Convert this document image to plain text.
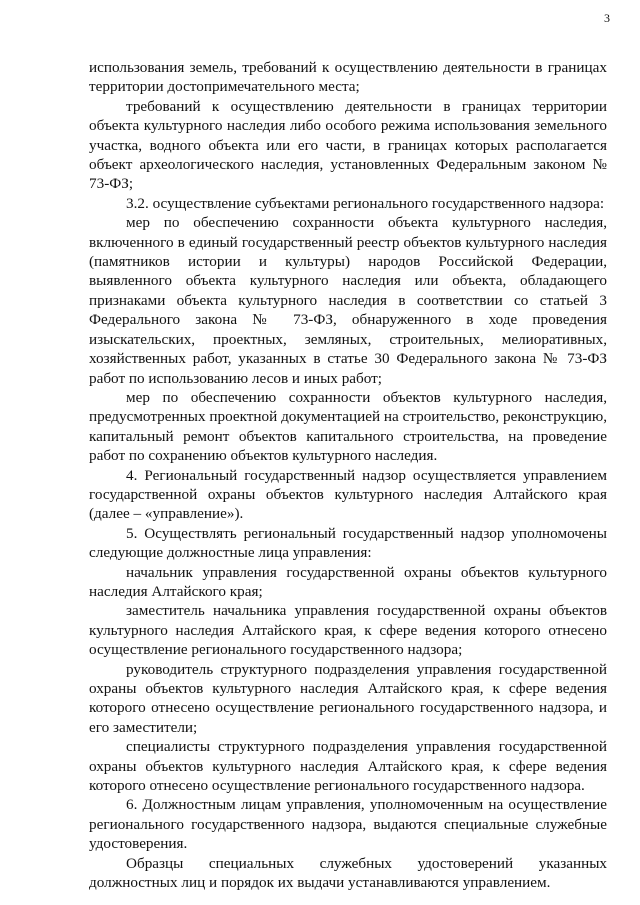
3

использования земель, требований к осуществлению деятельности в границах территории достопримечательного места;

требований к осуществлению деятельности в границах территории объекта культурного наследия либо особого режима использования земельного участка, водного объекта или его части, в границах которых располагается объект археологического наследия, установленных Федеральным законом № 73-ФЗ;

3.2. осуществление субъектами регионального государственного надзора:

мер по обеспечению сохранности объекта культурного наследия, включенного в единый государственный реестр объектов культурного наследия (памятников истории и культуры) народов Российской Федерации, выявленного объекта культурного наследия или объекта, обладающего признаками объекта культурного наследия в соответствии со статьей 3 Федерального закона № 73-ФЗ, обнаруженного в ходе проведения изыскательских, проектных, земляных, строительных, мелиоративных, хозяйственных работ, указанных в статье 30 Федерального закона № 73-ФЗ работ по использованию лесов и иных работ;

мер по обеспечению сохранности объектов культурного наследия, предусмотренных проектной документацией на строительство, реконструкцию, капитальный ремонт объектов капитального строительства, на проведение работ по сохранению объектов культурного наследия.

4. Региональный государственный надзор осуществляется управлением государственной охраны объектов культурного наследия Алтайского края (далее – «управление»).

5. Осуществлять региональный государственный надзор уполномочены следующие должностные лица управления:

начальник управления государственной охраны объектов культурного наследия Алтайского края;

заместитель начальника управления государственной охраны объектов культурного наследия Алтайского края, к сфере ведения которого отнесено осуществление регионального государственного надзора;

руководитель структурного подразделения управления государственной охраны объектов культурного наследия Алтайского края, к сфере ведения которого отнесено осуществление регионального государственного надзора, и его заместители;

специалисты структурного подразделения управления государственной охраны объектов культурного наследия Алтайского края, к сфере ведения которого отнесено осуществление регионального государственного надзора.

6. Должностным лицам управления, уполномоченным на осуществление регионального государственного надзора, выдаются специальные служебные удостоверения.

Образцы специальных служебных удостоверений указанных должностных лиц и порядок их выдачи устанавливаются управлением.
